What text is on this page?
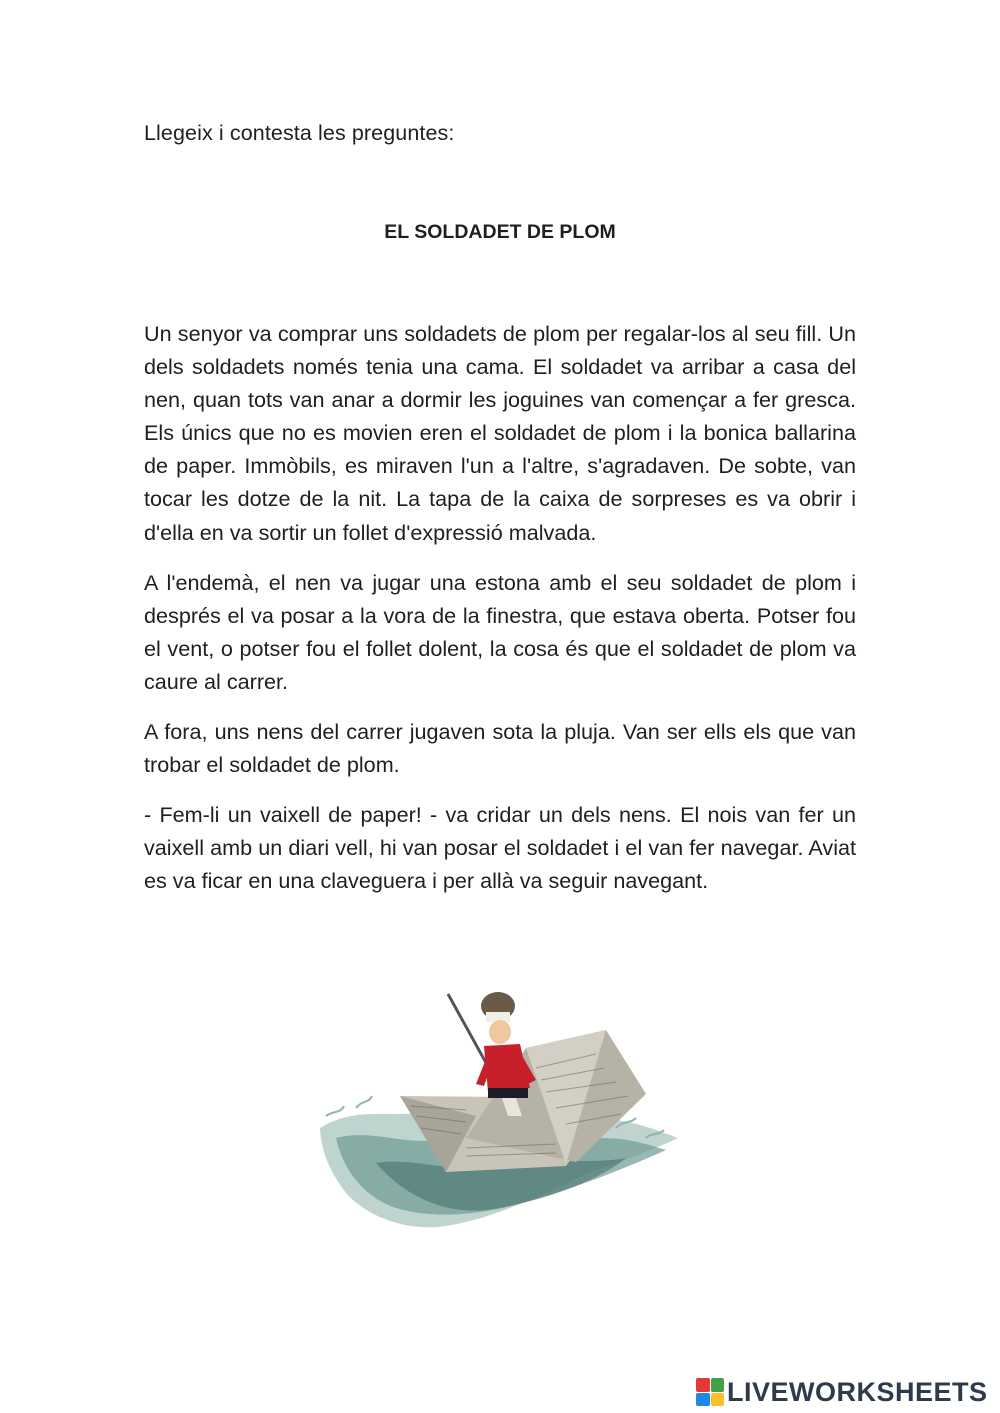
Llegeix i contesta les preguntes:
EL SOLDADET DE PLOM

Un senyor va comprar uns soldadets de plom per regalar-los al seu fill. Un dels soldadets només tenia una cama. El soldadet va arribar a casa del nen, quan tots van anar a dormir les joguines van començar a fer gresca. Els únics que no es movien eren el soldadet de plom i la bonica ballarina de paper. Immòbils, es miraven l'un a l'altre, s'agradaven. De sobte, van tocar les dotze de la nit. La tapa de la caixa de sorpreses es va obrir i d'ella en va sortir un follet d'expressió malvada.

A l'endemà, el nen va jugar una estona amb el seu soldadet de plom i després el va posar a la vora de la finestra, que estava oberta. Potser fou el vent, o potser fou el follet dolent, la cosa és que el soldadet de plom va caure al carrer.

A fora, uns nens del carrer jugaven sota la pluja. Van ser ells els que van trobar el soldadet de plom.

- Fem-li un vaixell de paper! - va cridar un dels nens. El nois van fer un vaixell amb un diari vell, hi van posar el soldadet i el van fer navegar. Aviat es va ficar en una claveguera i per allà va seguir navegant.

LIVEWORKSHEETS
